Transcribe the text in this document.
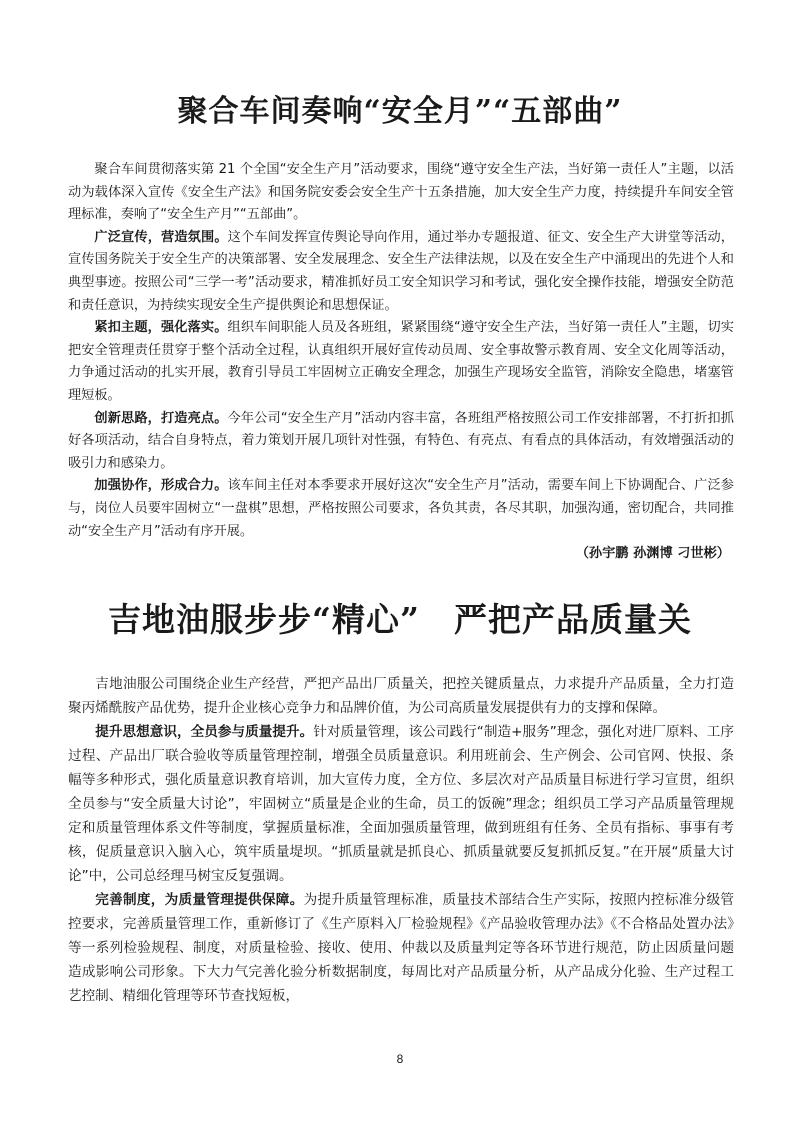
聚合车间奏响“安全月”“五部曲”

聚合车间贯彻落实第 21 个全国“安全生产月”活动要求，围绕“遵守安全生产法，当好第一责任人”主题，以活动为载体深入宣传《安全生产法》和国务院安委会安全生产十五条措施，加大安全生产力度，持续提升车间安全管理标准，奏响了“安全生产月”“五部曲”。

广泛宣传，营造氛围。这个车间发挥宣传舆论导向作用，通过举办专题报道、征文、安全生产大讲堂等活动，宣传国务院关于安全生产的决策部署、安全发展理念、安全生产法律法规，以及在安全生产中涌现出的先进个人和典型事迹。按照公司“三学一考”活动要求，精准抓好员工安全知识学习和考试，强化安全操作技能，增强安全防范和责任意识，为持续实现安全生产提供舆论和思想保证。

紧扣主题，强化落实。组织车间职能人员及各班组，紧紧围绕“遵守安全生产法，当好第一责任人”主题，切实把安全管理责任贯穿于整个活动全过程，认真组织开展好宣传动员周、安全事故警示教育周、安全文化周等活动，力争通过活动的扎实开展，教育引导员工牢固树立正确安全理念，加强生产现场安全监管，消除安全隐患，堵塞管理短板。

创新思路，打造亮点。今年公司“安全生产月”活动内容丰富，各班组严格按照公司工作安排部署，不打折扣抓好各项活动，结合自身特点，着力策划开展几项针对性强，有特色、有亮点、有看点的具体活动，有效增强活动的吸引力和感染力。

加强协作，形成合力。该车间主任对本季要求开展好这次“安全生产月”活动，需要车间上下协调配合、广泛参与，岗位人员要牢固树立“一盘棋”思想，严格按照公司要求，各负其责，各尽其职，加强沟通，密切配合，共同推动“安全生产月”活动有序开展。

（孙宇鹏 孙渊博 刁世彬）
吉地油服步步“精心”　严把产品质量关

吉地油服公司围绕企业生产经营，严把产品出厂质量关，把控关键质量点，力求提升产品质量，全力打造聚丙烯酰胺产品优势，提升企业核心竞争力和品牌价值，为公司高质量发展提供有力的支撑和保障。

提升思想意识，全员参与质量提升。针对质量管理，该公司践行“制造+服务”理念，强化对进厂原料、工序过程、产品出厂联合验收等质量管理控制，增强全员质量意识。利用班前会、生产例会、公司官网、快报、条幅等多种形式，强化质量意识教育培训，加大宣传力度，全方位、多层次对产品质量目标进行学习宣贯，组织全员参与“安全质量大讨论”，牢固树立“质量是企业的生命，员工的饭碗”理念；组织员工学习产品质量管理规定和质量管理体系文件等制度，掌握质量标准，全面加强质量管理，做到班组有任务、全员有指标、事事有考核，促质量意识入脑入心，筑牢质量堤坝。“抓质量就是抓良心、抓质量就要反复抓抓反复。”在开展“质量大讨论”中，公司总经理马树宝反复强调。

完善制度，为质量管理提供保障。为提升质量管理标准，质量技术部结合生产实际，按照内控标准分级管控要求，完善质量管理工作，重新修订了《生产原料入厂检验规程》《产品验收管理办法》《不合格品处置办法》等一系列检验规程、制度，对质量检验、接收、使用、仲裁以及质量判定等各环节进行规范，防止因质量问题造成影响公司形象。下大力气完善化验分析数据制度，每周比对产品质量分析，从产品成分化验、生产过程工艺控制、精细化管理等环节查找短板，

8
